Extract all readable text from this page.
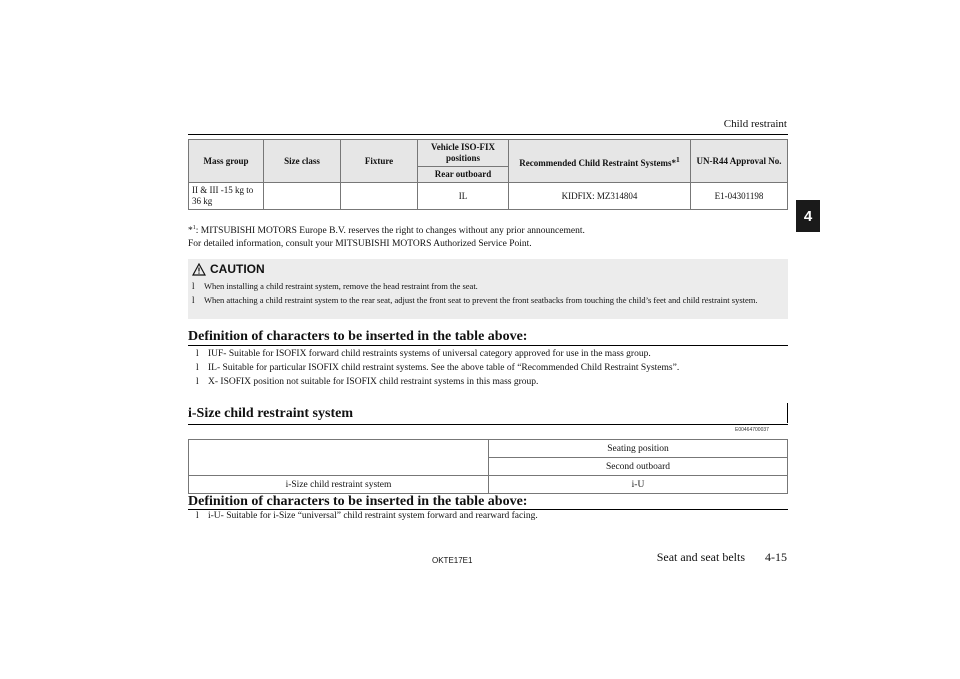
Child restraint
4
Mass group	Size class	Fixture	Vehicle ISO-FIX positions	Recommended Child Restraint Systems*$^1$	UN-R44 Approval No.
			Rear outboard		
II & III -15 kg to 36 kg			IL	KIDFIX: MZ314804	E1-04301198
*$^1$: MITSUBISHI MOTORS Europe B.V. reserves the right to changes without any prior announcement.
For detailed information, consult your MITSUBISHI MOTORS Authorized Service Point.
CAUTION
l	When installing a child restraint system, remove the head restraint from the seat.
l	When attaching a child restraint system to the rear seat, adjust the front seat to prevent the front seatbacks from touching the child’s feet and child restraint system.
Definition of characters to be inserted in the table above:
l IUF- Suitable for ISOFIX forward child restraints systems of universal category approved for use in the mass group.
l IL- Suitable for particular ISOFIX child restraint systems. See the above table of “Recommended Child Restraint Systems”.
l X- ISOFIX position not suitable for ISOFIX child restraint systems in this mass group.
i-Size child restraint system
E00464700037
	Seating position
	Second outboard
i-Size child restraint system	i-U
Definition of characters to be inserted in the table above:
l i-U- Suitable for i-Size “universal” child restraint system forward and rearward facing.
OKTE17E1	Seat and seat belts 4-15
